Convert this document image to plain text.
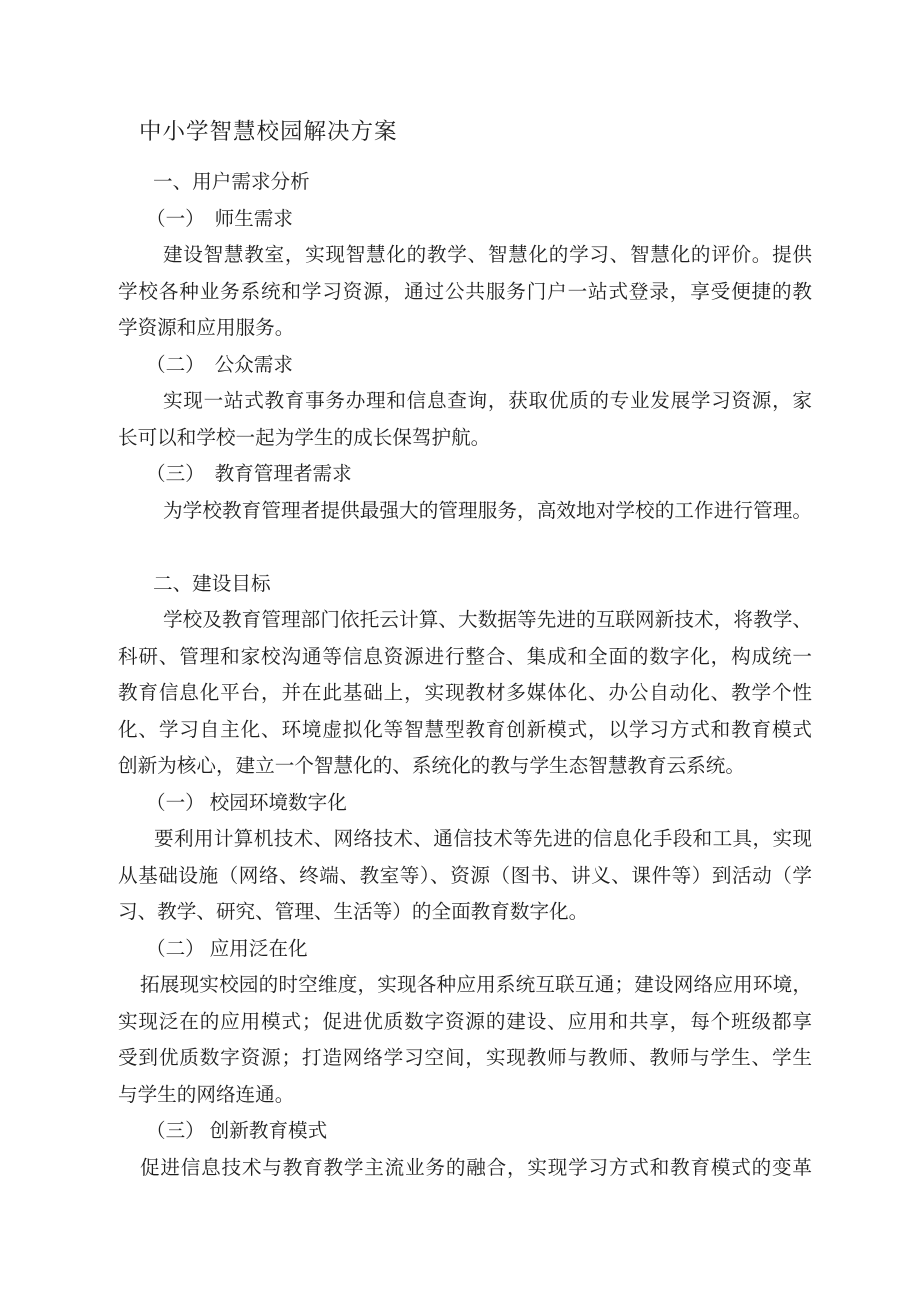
中小学智慧校园解决方案
一、用户需求分析
（一）　师生需求
建设智慧教室，实现智慧化的教学、智慧化的学习、智慧化的评价。提供
学校各种业务系统和学习资源，通过公共服务门户一站式登录，享受便捷的教
学资源和应用服务。
（二）　公众需求
实现一站式教育事务办理和信息查询，获取优质的专业发展学习资源，家
长可以和学校一起为学生的成长保驾护航。
（三）　教育管理者需求
为学校教育管理者提供最强大的管理服务，高效地对学校的工作进行管理。
二、建设目标
学校及教育管理部门依托云计算、大数据等先进的互联网新技术，将教学、
科研、管理和家校沟通等信息资源进行整合、集成和全面的数字化，构成统一
教育信息化平台，并在此基础上，实现教材多媒体化、办公自动化、教学个性
化、学习自主化、环境虚拟化等智慧型教育创新模式，以学习方式和教育模式
创新为核心，建立一个智慧化的、系统化的教与学生态智慧教育云系统。
（一） 校园环境数字化
要利用计算机技术、网络技术、通信技术等先进的信息化手段和工具，实现
从基础设施（网络、终端、教室等）、资源（图书、讲义、课件等）到活动（学
习、教学、研究、管理、生活等）的全面教育数字化。
（二） 应用泛在化
拓展现实校园的时空维度，实现各种应用系统互联互通；建设网络应用环境，
实现泛在的应用模式；促进优质数字资源的建设、应用和共享，每个班级都享
受到优质数字资源；打造网络学习空间，实现教师与教师、教师与学生、学生
与学生的网络连通。
（三） 创新教育模式
促进信息技术与教育教学主流业务的融合，实现学习方式和教育模式的变革
